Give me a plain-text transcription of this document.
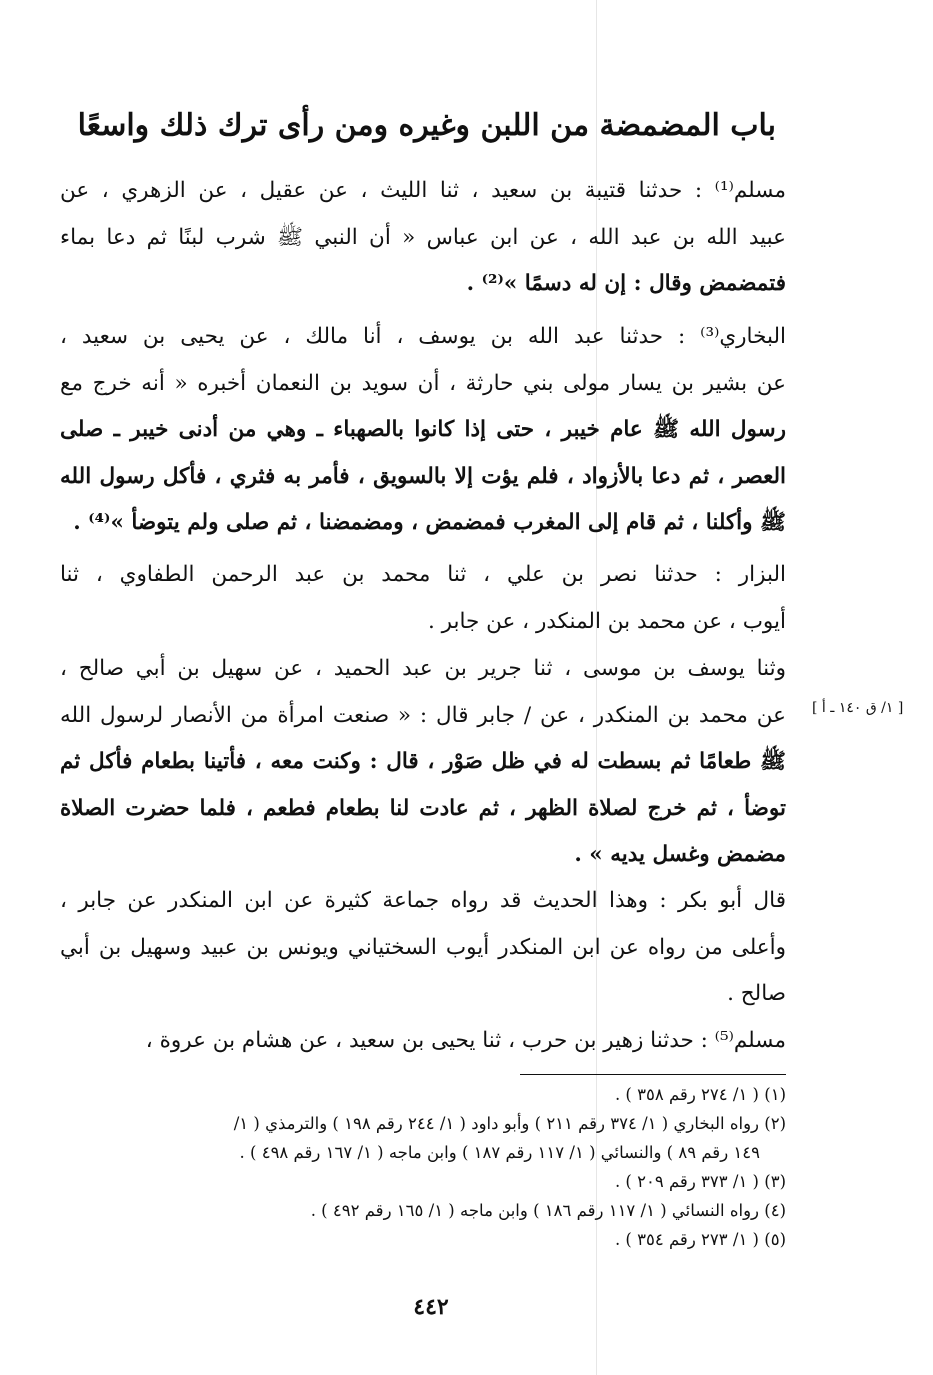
باب المضمضة من اللبن وغيره ومن رأى ترك ذلك واسعًا
مسلم⁽¹⁾ : حدثنا قتيبة بن سعيد ، ثنا الليث ، عن عقيل ، عن الزهري ، عن
عبيد الله بن عبد الله ، عن ابن عباس « أن النبي ﷺ شرب لبنًا ثم دعا بماء
فتمضمض وقال : إن له دسمًا »⁽²⁾ .
البخاري⁽³⁾ : حدثنا عبد الله بن يوسف ، أنا مالك ، عن يحيى بن سعيد ،
عن بشير بن يسار مولى بني حارثة ، أن سويد بن النعمان أخبره « أنه خرج مع
رسول الله ﷺ عام خيبر ، حتى إذا كانوا بالصهباء ـ وهي من أدنى خيبر ـ صلى
العصر ، ثم دعا بالأزواد ، فلم يؤت إلا بالسويق ، فأمر به فثري ، فأكل رسول الله
ﷺ وأكلنا ، ثم قام إلى المغرب فمضمض ، ومضمضنا ، ثم صلى ولم يتوضأ »⁽⁴⁾ .
البزار : حدثنا نصر بن علي ، ثنا محمد بن عبد الرحمن الطفاوي ، ثنا
أيوب ، عن محمد بن المنكدر ، عن جابر .
وثنا يوسف بن موسى ، ثنا جرير بن عبد الحميد ، عن سهيل بن أبي صالح ،
عن محمد بن المنكدر ، عن / جابر قال : « صنعت امرأة من الأنصار لرسول الله
ﷺ طعامًا ثم بسطت له في ظل صَوْر ، قال : وكنت معه ، فأتينا بطعام فأكل ثم
توضأ ، ثم خرج لصلاة الظهر ، ثم عادت لنا بطعام فطعم ، فلما حضرت الصلاة
مضمض وغسل يديه » .
[ ١/ ق ١٤٠ ـ أ ]
قال أبو بكر : وهذا الحديث قد رواه جماعة كثيرة عن ابن المنكدر عن جابر ،
وأعلى من رواه عن ابن المنكدر أيوب السختياني ويونس بن عبيد وسهيل بن أبي
صالح .
مسلم⁽⁵⁾ : حدثنا زهير بن حرب ، ثنا يحيى بن سعيد ، عن هشام بن عروة ،
(١) ( ١/ ٢٧٤ رقم ٣٥٨ ) .
(٢) رواه البخاري ( ١/ ٣٧٤ رقم ٢١١ ) وأبو داود ( ١/ ٢٤٤ رقم ١٩٨ ) والترمذي ( ١/
١٤٩ رقم ٨٩ ) والنسائي ( ١/ ١١٧ رقم ١٨٧ ) وابن ماجه ( ١/ ١٦٧ رقم ٤٩٨ ) .
(٣) ( ١/ ٣٧٣ رقم ٢٠٩ ) .
(٤) رواه النسائي ( ١/ ١١٧ رقم ١٨٦ ) وابن ماجه ( ١/ ١٦٥ رقم ٤٩٢ ) .
(٥) ( ١/ ٢٧٣ رقم ٣٥٤ ) .
٤٤٢
